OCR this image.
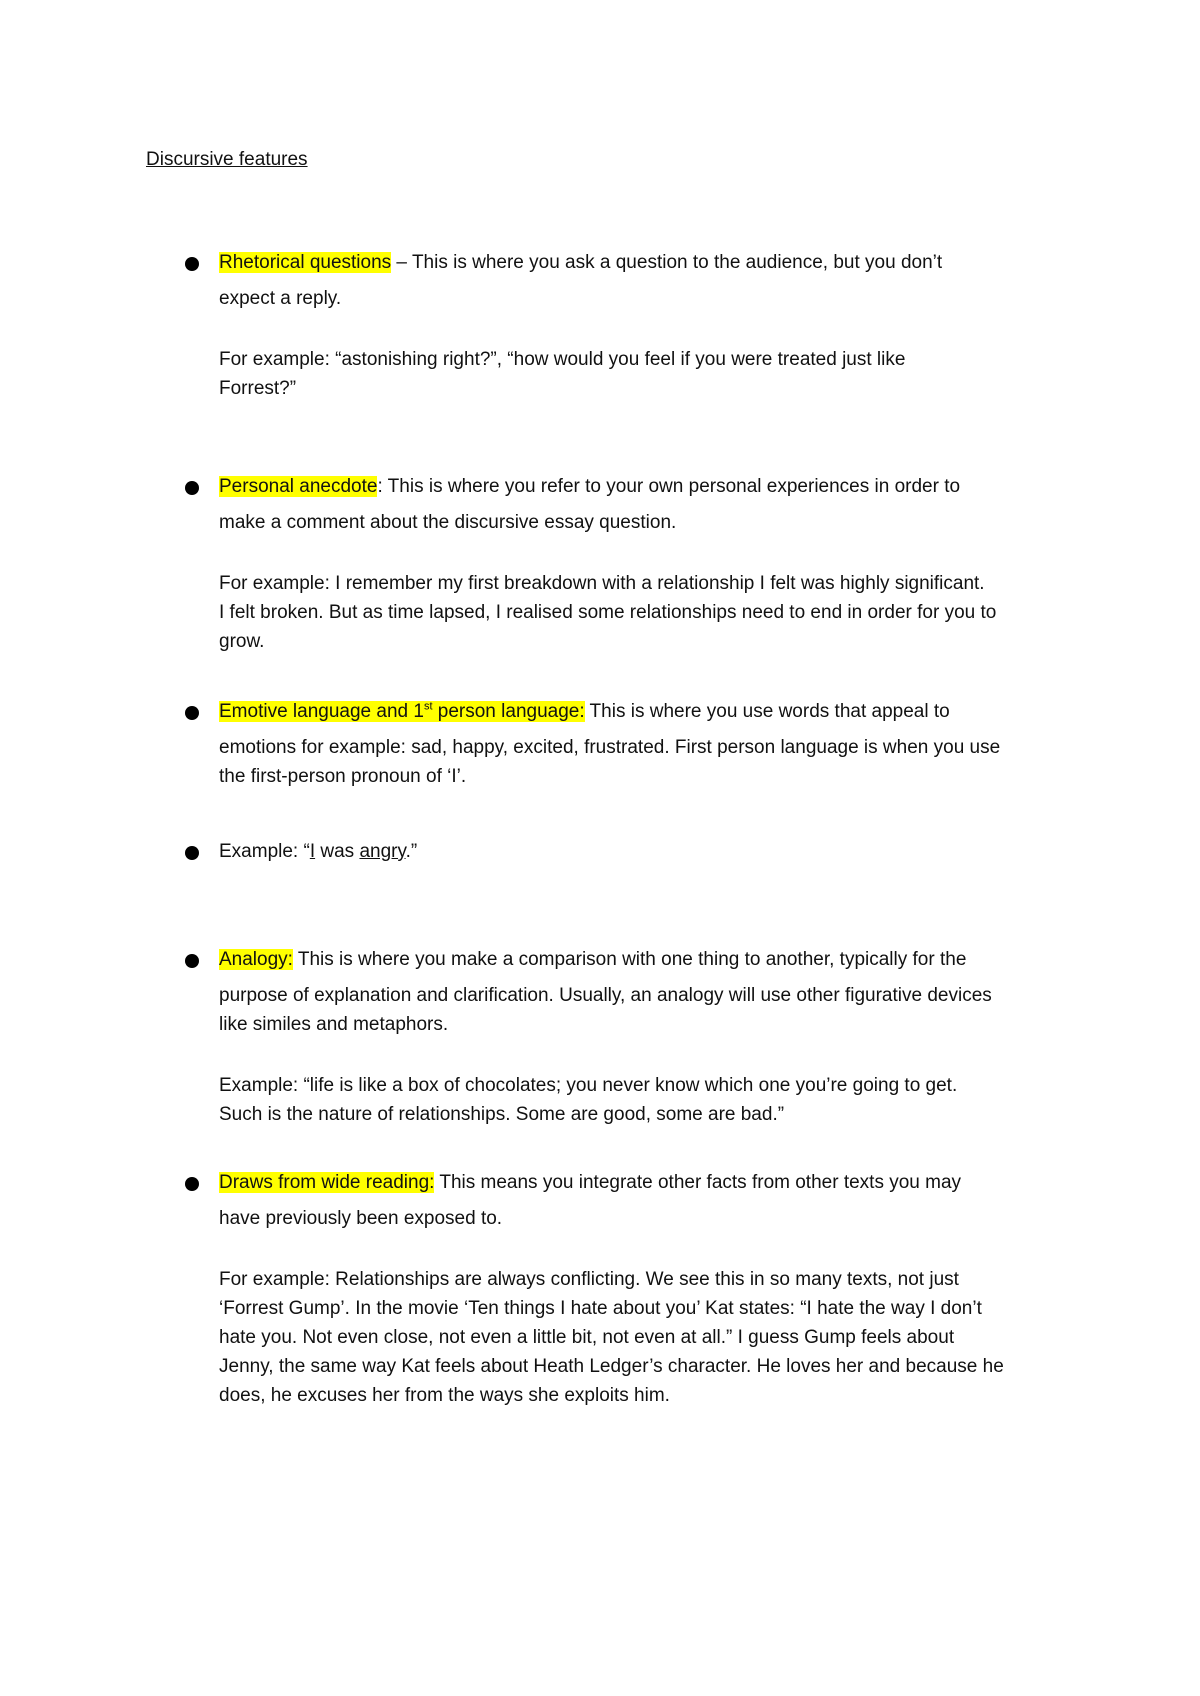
Discursive features
Rhetorical questions – This is where you ask a question to the audience, but you don’t
expect a reply.
For example: “astonishing right?”, “how would you feel if you were treated just like
Forrest?”
Personal anecdote: This is where you refer to your own personal experiences in order to
make a comment about the discursive essay question.
For example: I remember my first breakdown with a relationship I felt was highly significant.
I felt broken. But as time lapsed, I realised some relationships need to end in order for you to
grow.
Emotive language and 1st person language: This is where you use words that appeal to
emotions for example: sad, happy, excited, frustrated. First person language is when you use
the first-person pronoun of ‘I’.
Example: “I was angry.”
Analogy: This is where you make a comparison with one thing to another, typically for the
purpose of explanation and clarification. Usually, an analogy will use other figurative devices
like similes and metaphors.
Example: “life is like a box of chocolates; you never know which one you’re going to get.
Such is the nature of relationships. Some are good, some are bad.”
Draws from wide reading: This means you integrate other facts from other texts you may
have previously been exposed to.
For example: Relationships are always conflicting. We see this in so many texts, not just
‘Forrest Gump’. In the movie ‘Ten things I hate about you’ Kat states: “I hate the way I don’t
hate you. Not even close, not even a little bit, not even at all.” I guess Gump feels about
Jenny, the same way Kat feels about Heath Ledger’s character. He loves her and because he
does, he excuses her from the ways she exploits him.
